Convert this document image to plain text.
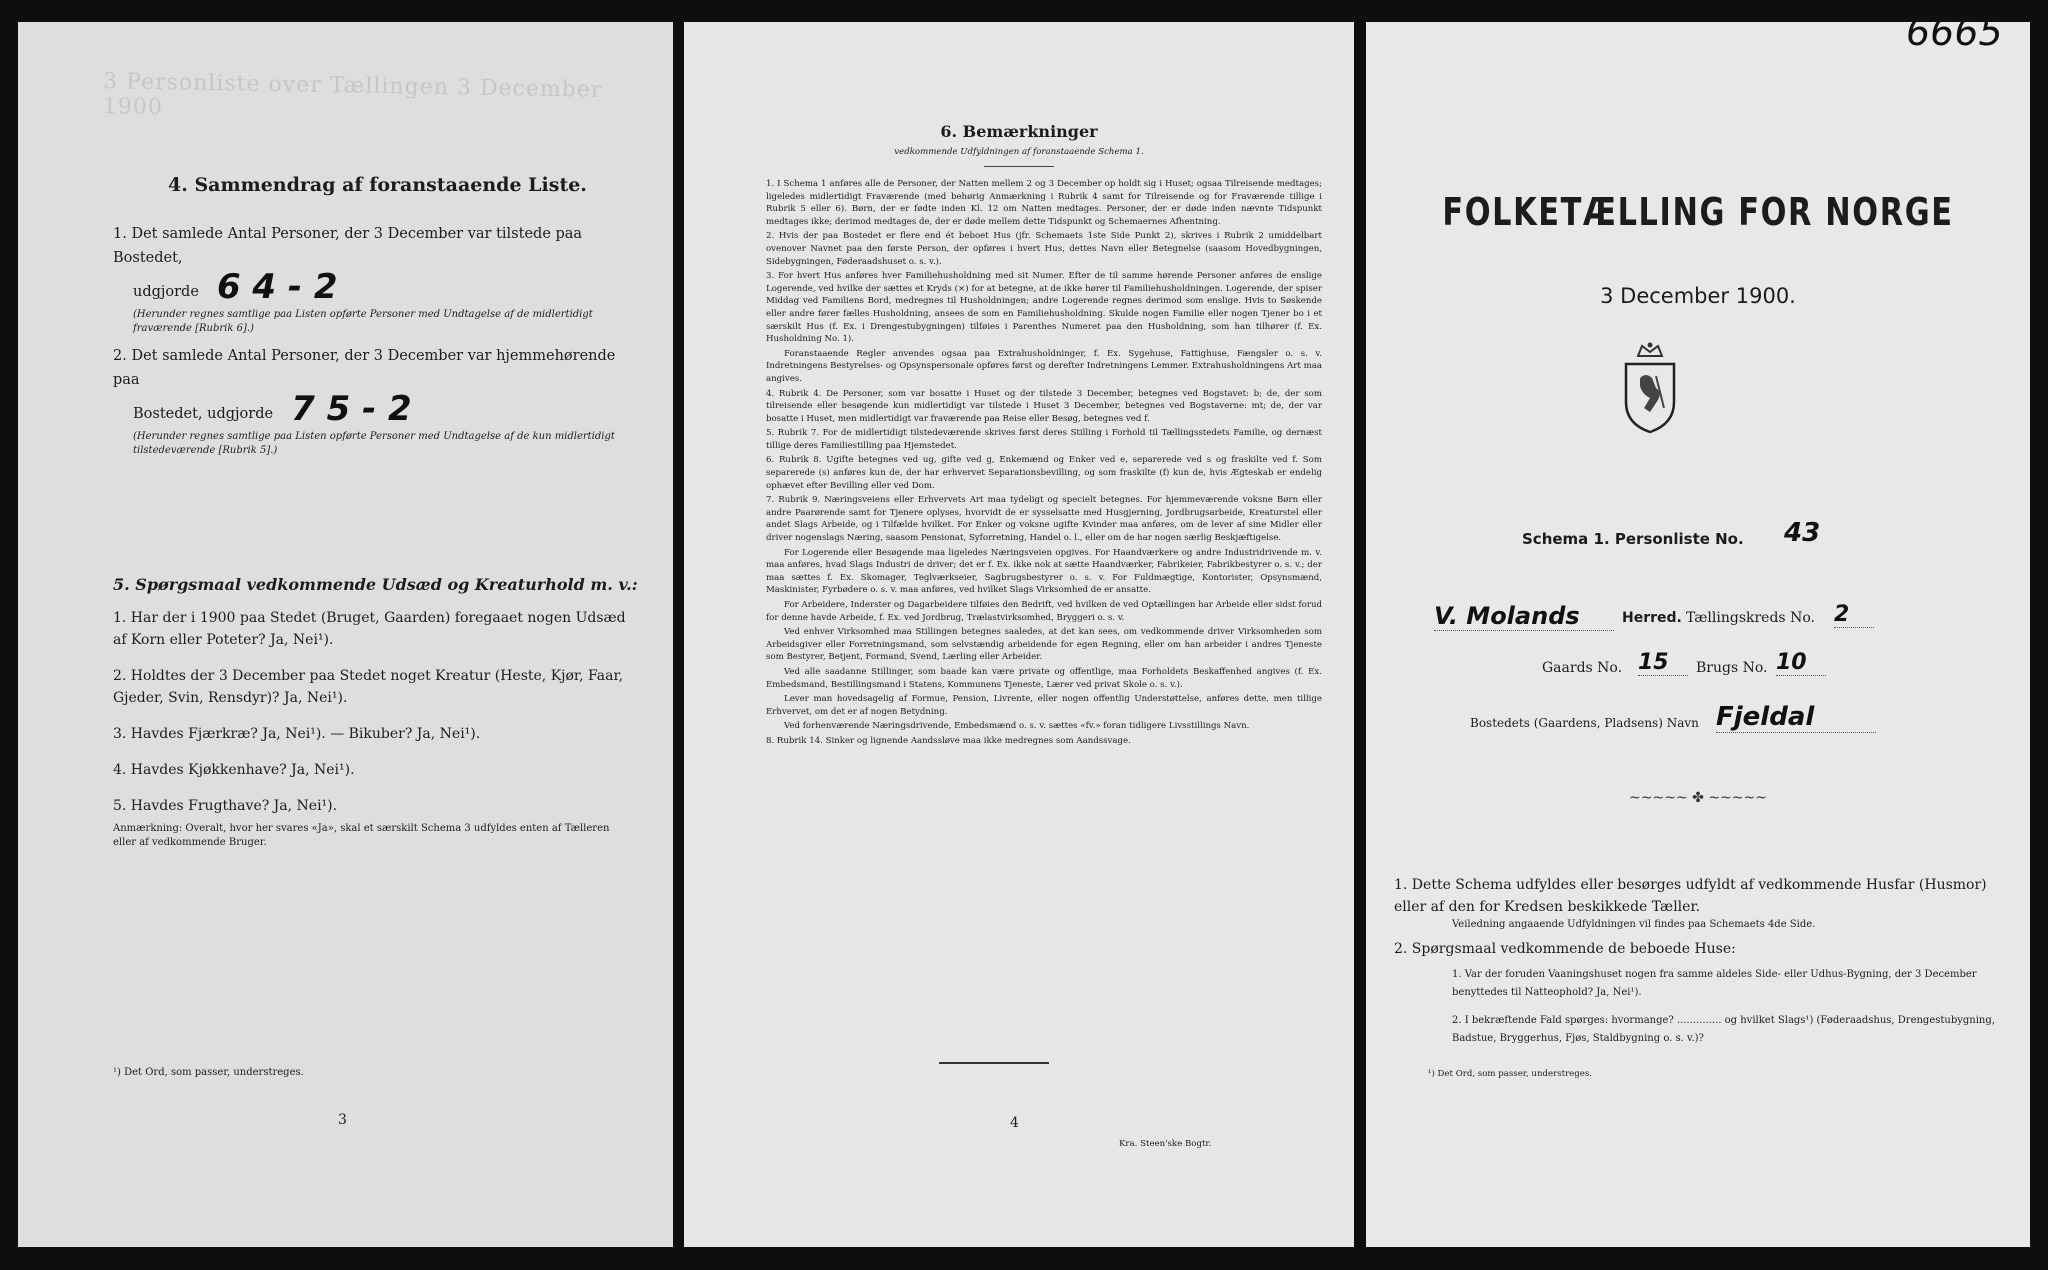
3 Personliste over Tællingen 3 December 1900
4. Sammendrag af foranstaaende Liste.
1. Det samlede Antal Personer, der 3 December var tilstede paa Bostedet,
udgjorde 6 4 - 2
(Herunder regnes samtlige paa Listen opførte Personer med Undtagelse af de midlertidigt fraværende [Rubrik 6].)
2. Det samlede Antal Personer, der 3 December var hjemmehørende paa
Bostedet, udgjorde 7 5 - 2
(Herunder regnes samtlige paa Listen opførte Personer med Undtagelse af de kun midlertidigt tilstedeværende [Rubrik 5].)
5. Spørgsmaal vedkommende Udsæd og Kreaturhold m. v.:
1. Har der i 1900 paa Stedet (Bruget, Gaarden) foregaaet nogen Udsæd af Korn eller Poteter? Ja, Nei¹).
2. Holdtes der 3 December paa Stedet noget Kreatur (Heste, Kjør, Faar, Gjeder, Svin, Rensdyr)? Ja, Nei¹).
3. Havdes Fjærkræ? Ja, Nei¹). — Bikuber? Ja, Nei¹).
4. Havdes Kjøkkenhave? Ja, Nei¹).
5. Havdes Frugthave? Ja, Nei¹).
Anmærkning: Overalt, hvor her svares «Ja», skal et særskilt Schema 3 udfyldes enten af Tælleren eller af vedkommende Bruger.
¹) Det Ord, som passer, understreges.
3
6. Bemærkninger
vedkommende Udfyldningen af foranstaaende Schema 1.

1. I Schema 1 anføres alle de Personer, der Natten mellem 2 og 3 December op holdt sig i Huset; ogsaa Tilreisende medtages; ligeledes midlertidigt Fraværende (med behørig Anmærkning i Rubrik 4 samt for Tilreisende og for Fraværende tillige i Rubrik 5 eller 6). Børn, der er fødte inden Kl. 12 om Natten medtages. Personer, der er døde inden nævnte Tidspunkt medtages ikke; derimod medtages de, der er døde mellem dette Tidspunkt og Schemaernes Afhentning.

2. Hvis der paa Bostedet er flere end ét beboet Hus (jfr. Schemaets 1ste Side Punkt 2), skrives i Rubrik 2 umiddelbart ovenover Navnet paa den første Person, der opføres i hvert Hus, dettes Navn eller Betegnelse (saasom Hovedbygningen, Sidebygningen, Føderaadshuset o. s. v.).

3. For hvert Hus anføres hver Familiehusholdning med sit Numer. Efter de til samme hørende Personer anføres de enslige Logerende, ved hvilke der sættes et Kryds (×) for at betegne, at de ikke hører til Familiehusholdningen. Logerende, der spiser Middag ved Familiens Bord, medregnes til Husholdningen; andre Logerende regnes derimod som enslige. Hvis to Søskende eller andre fører fælles Husholdning, ansees de som en Familiehusholdning. Skulde nogen Familie eller nogen Tjener bo i et særskilt Hus (f. Ex. i Drengestubygningen) tilføies i Parenthes Numeret paa den Husholdning, som han tilhører (f. Ex. Husholdning No. 1).

Foranstaaende Regler anvendes ogsaa paa Extrahusholdninger, f. Ex. Sygehuse, Fattighuse, Fængsler o. s. v. Indretningens Bestyrelses- og Opsynspersonale opføres først og derefter Indretningens Lemmer. Extrahusholdningens Art maa angives.

4. Rubrik 4. De Personer, som var bosatte i Huset og der tilstede 3 December, betegnes ved Bogstavet: b; de, der som tilreisende eller besøgende kun midlertidigt var tilstede i Huset 3 December, betegnes ved Bogstaverne: mt; de, der var bosatte i Huset, men midlertidigt var fraværende paa Reise eller Besøg, betegnes ved f.

5. Rubrik 7. For de midlertidigt tilstedeværende skrives først deres Stilling i Forhold til Tællingsstedets Familie, og dernæst tillige deres Familiestilling paa Hjemstedet.

6. Rubrik 8. Ugifte betegnes ved ug, gifte ved g, Enkemænd og Enker ved e, separerede ved s og fraskilte ved f. Som separerede (s) anføres kun de, der har erhvervet Separationsbevilling, og som fraskilte (f) kun de, hvis Ægteskab er endelig ophævet efter Bevilling eller ved Dom.

7. Rubrik 9. Næringsveiens eller Erhvervets Art maa tydeligt og specielt betegnes. For hjemmeværende voksne Børn eller andre Paarørende samt for Tjenere oplyses, hvorvidt de er sysselsatte med Husgjerning, Jordbrugsarbeide, Kreaturstel eller andet Slags Arbeide, og i Tilfælde hvilket. For Enker og voksne ugifte Kvinder maa anføres, om de lever af sine Midler eller driver nogenslags Næring, saasom Pensionat, Syforretning, Handel o. l., eller om de har nogen særlig Beskjæftigelse.

For Logerende eller Besøgende maa ligeledes Næringsveien opgives. For Haandværkere og andre Industridrivende m. v. maa anføres, hvad Slags Industri de driver; det er f. Ex. ikke nok at sætte Haandværker, Fabrikeier, Fabrikbestyrer o. s. v.; der maa sættes f. Ex. Skomager, Teglværkseier, Sagbrugsbestyrer o. s. v. For Fuldmægtige, Kontorister, Opsynsmænd, Maskinister, Fyrbødere o. s. v. maa anføres, ved hvilket Slags Virksomhed de er ansatte.

For Arbeidere, Inderster og Dagarbeidere tilføies den Bedrift, ved hvilken de ved Optællingen har Arbeide eller sidst forud for denne havde Arbeide, f. Ex. ved Jordbrug, Trælastvirksomhed, Bryggeri o. s. v.

Ved enhver Virksomhed maa Stillingen betegnes saaledes, at det kan sees, om vedkommende driver Virksomheden som Arbeidsgiver eller Forretningsmand, som selvstændig arbeidende for egen Regning, eller om han arbeider i andres Tjeneste som Bestyrer, Betjent, Formand, Svend, Lærling eller Arbeider.

Ved alle saadanne Stillinger, som baade kan være private og offentlige, maa Forholdets Beskaffenhed angives (f. Ex. Embedsmand, Bestillingsmand i Statens, Kommunens Tjeneste, Lærer ved privat Skole o. s. v.).

Lever man hovedsagelig af Formue, Pension, Livrente, eller nogen offentlig Understøttelse, anføres dette, men tillige Erhvervet, om det er af nogen Betydning.

Ved forhenværende Næringsdrivende, Embedsmænd o. s. v. sættes «fv.» foran tidligere Livsstillings Navn.

8. Rubrik 14. Sinker og lignende Aandssløve maa ikke medregnes som Aandssvage.

4
Kra. Steen'ske Bogtr.
6665
FOLKETÆLLING FOR NORGE
3 December 1900.
Schema 1. Personliste No. 43
V. Molands	Herred. Tællingskreds No. 2
Gaards No. 15	Brugs No. 10
Bostedets (Gaardens, Pladsens) Navn Fjeldal
~~~~~ ✤ ~~~~~
1. Dette Schema udfyldes eller besørges udfyldt af vedkommende Husfar (Husmor) eller af den for Kredsen beskikkede Tæller.
Veiledning angaaende Udfyldningen vil findes paa Schemaets 4de Side.
2. Spørgsmaal vedkommende de beboede Huse:
1. Var der foruden Vaaningshuset nogen fra samme aldeles Side- eller Udhus-Bygning, der 3 December benyttedes til Natteophold? Ja, Nei¹).
2. I bekræftende Fald spørges: hvormange? .............. og hvilket Slags¹) (Føderaadshus, Drengestubygning, Badstue, Bryggerhus, Fjøs, Staldbygning o. s. v.)?
¹) Det Ord, som passer, understreges.
